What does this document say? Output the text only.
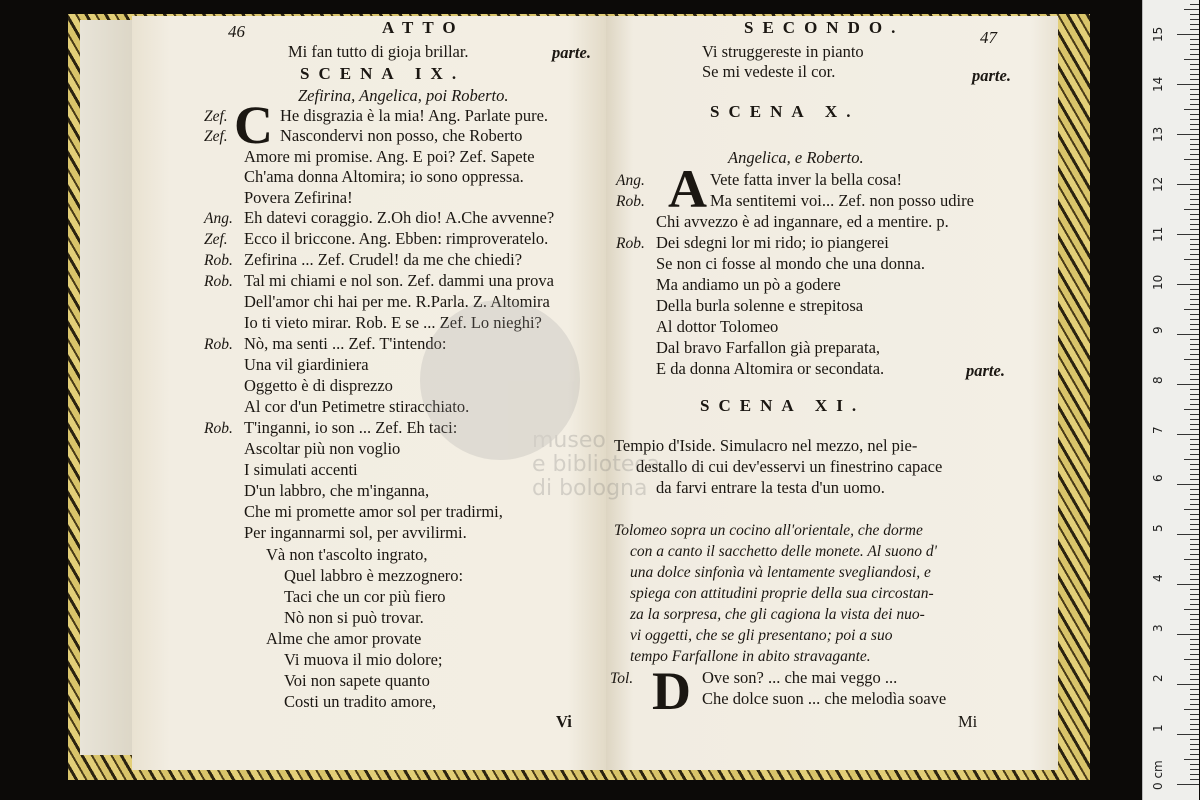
46	ATTO
Mi fan tutto di gioja brillar.	parte.
SCENA IX.
Zefirina, Angelica, poi Roberto.
C
Zef.	He disgrazia è la mia! Ang. Parlate pure.
Zef.	Nascondervi non posso, che Roberto
Amore mi promise. Ang. E poi? Zef. Sapete
Ch'ama donna Altomira; io sono oppressa.
Povera Zefirina!
Ang. Eh datevi coraggio. Z.Oh dio! A.Che avvenne?
Zef. Ecco il briccone. Ang. Ebben: rimproveratelo.
Rob. Zefirina ... Zef. Crudel! da me che chiedi?
Rob. Tal mi chiami e nol son. Zef. dammi una prova
Dell'amor chi hai per me. R.Parla. Z. Altomira
Io ti vieto mirar. Rob. E se ... Zef. Lo nieghi?
Rob. Nò, ma senti ... Zef. T'intendo:
Una vil giardiniera
Oggetto è di disprezzo
Al cor d'un Petimetre stiracchiato.
Rob. T'inganni, io son ... Zef. Eh taci:
Ascoltar più non voglio
I simulati accenti
D'un labbro, che m'inganna,
Che mi promette amor sol per tradirmi,
Per ingannarmi sol, per avvilirmi.
Và non t'ascolto ingrato,
Quel labbro è mezzognero:
Taci che un cor più fiero
Nò non si può trovar.
Alme che amor provate
Vi muova il mio dolore;
Voi non sapete quanto
Costi un tradito amore,
Vi
SECONDO.
47
Vi struggereste in pianto
Se mi vedeste il cor.	parte.
SCENA X.
Angelica, e Roberto.
A
Ang.	Vete fatta inver la bella cosa!
Rob.	Ma sentitemi voi... Zef. non posso udire
Chi avvezzo è ad ingannare, ed a mentire. p.
Rob. Dei sdegni lor mi rido; io piangerei
Se non ci fosse al mondo che una donna.
Ma andiamo un pò a godere
Della burla solenne e strepitosa
Al dottor Tolomeo
Dal bravo Farfallon già preparata,
E da donna Altomira or secondata.	parte.
SCENA XI.
Tempio d'Iside. Simulacro nel mezzo, nel pie-
destallo di cui dev'esservi un finestrino capace
da farvi entrare la testa d'un uomo.
Tolomeo sopra un cocino all'orientale, che dorme
con a canto il sacchetto delle monete. Al suono d'
una dolce sinfonìa và lentamente svegliandosi, e
spiega con attitudini proprie della sua circostan-
za la sorpresa, che gli cagiona la vista dei nuo-
vi oggetti, che se gli presentano; poi a suo
tempo Farfallone in abito stravagante.
D
Tol.	Ove son? ... che mai veggo ...
Che dolce suon ... che melodìa soave
Mi
museo
e biblioteca
di bologna
0 cm
1
2
3
4
5
6
7
8
9
10
11
12
13
14
15
